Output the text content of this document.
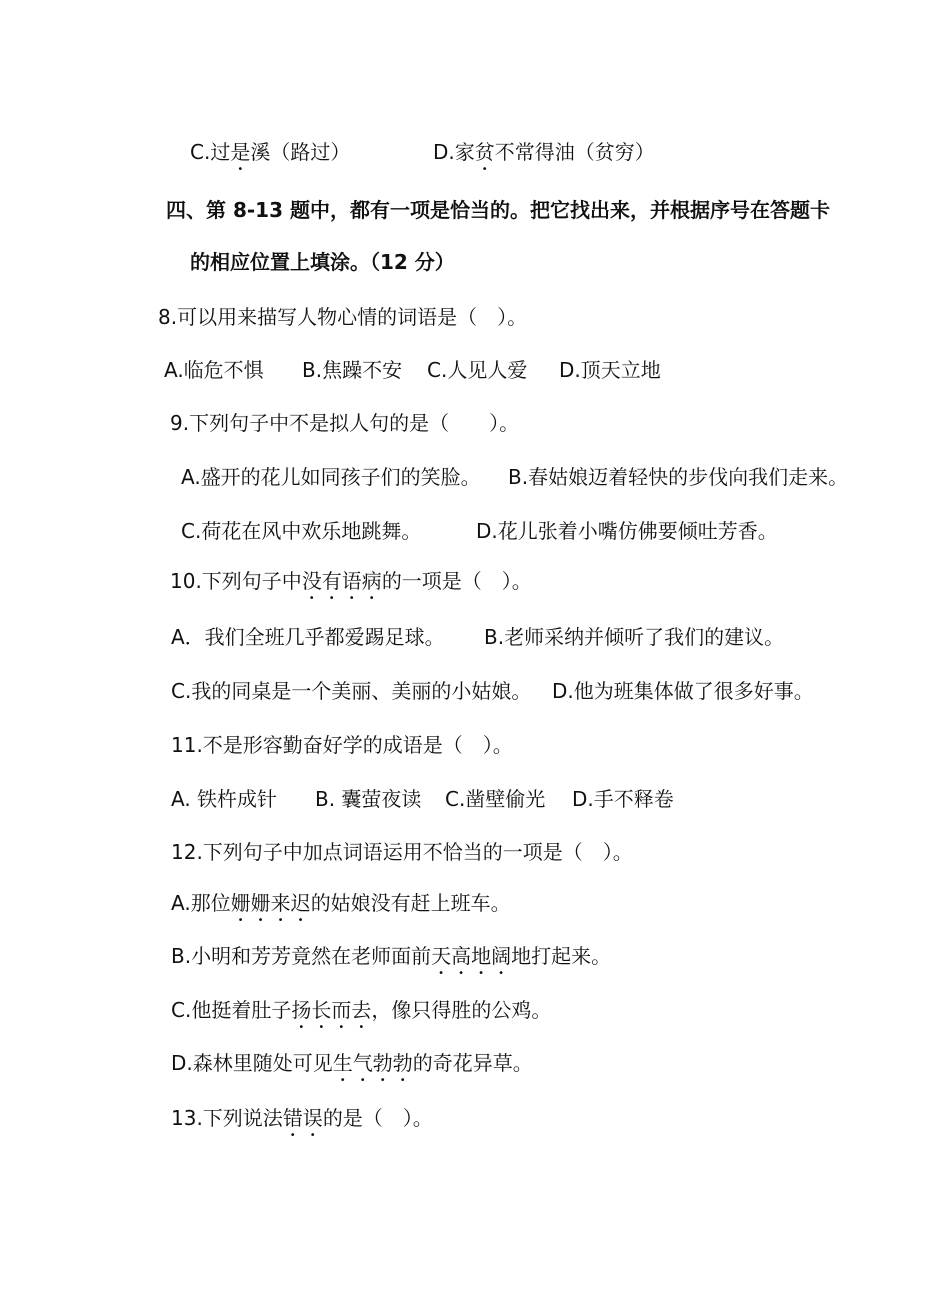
C.过是溪（路过）	D.家贫不常得油（贫穷）
四、第 8-13 题中，都有一项是恰当的。把它找出来，并根据序号在答题卡
的相应位置上填涂。（12 分）
8.可以用来描写人物心情的词语是（　）。
A.临危不惧 B.焦躁不安 C.人见人爱 D.顶天立地
9.下列句子中不是拟人句的是（　　）。
A.盛开的花儿如同孩子们的笑脸。 B.春姑娘迈着轻快的步伐向我们走来。
C.荷花在风中欢乐地跳舞。	D.花儿张着小嘴仿佛要倾吐芳香。
10.下列句子中没有语病的一项是（　）。
A．我们全班几乎都爱踢足球。 B.老师采纳并倾听了我们的建议。
C.我的同桌是一个美丽、美丽的小姑娘。 D.他为班集体做了很多好事。
11.不是形容勤奋好学的成语是（　）。
A. 铁杵成针 B. 囊萤夜读 C.凿壁偷光 D.手不释卷
12.下列句子中加点词语运用不恰当的一项是（　）。
A.那位姗姗来迟的姑娘没有赶上班车。
B.小明和芳芳竟然在老师面前天高地阔地打起来。
C.他挺着肚子扬长而去，像只得胜的公鸡。
D.森林里随处可见生气勃勃的奇花异草。
13.下列说法错误的是（　）。
